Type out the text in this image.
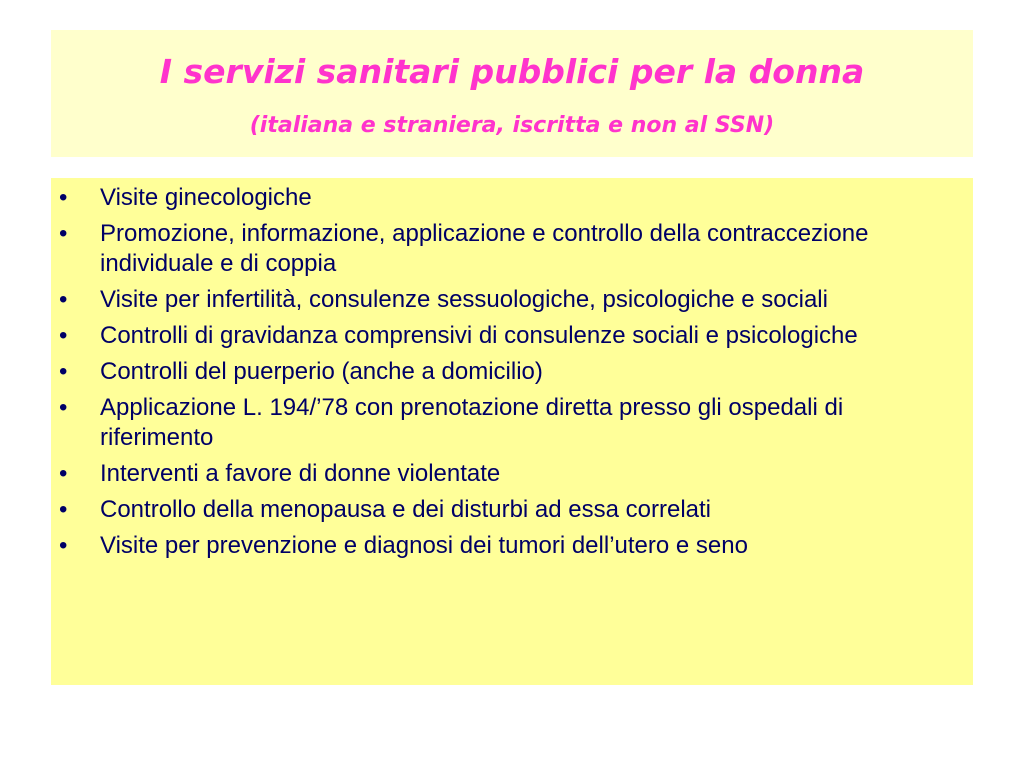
I servizi sanitari pubblici per la donna
(italiana e straniera, iscritta e non al SSN)
•	Visite ginecologiche
•	Promozione, informazione, applicazione e controllo della contraccezione individuale e di coppia
•	Visite per infertilità, consulenze sessuologiche, psicologiche e sociali
•	Controlli di gravidanza comprensivi di consulenze sociali e psicologiche
•	Controlli del puerperio (anche a domicilio)
•	Applicazione L. 194/’78 con prenotazione diretta presso gli ospedali di riferimento
•	Interventi a favore di donne violentate
•	Controllo della menopausa e dei disturbi ad essa correlati
•	Visite per prevenzione e diagnosi dei tumori dell’utero e seno
